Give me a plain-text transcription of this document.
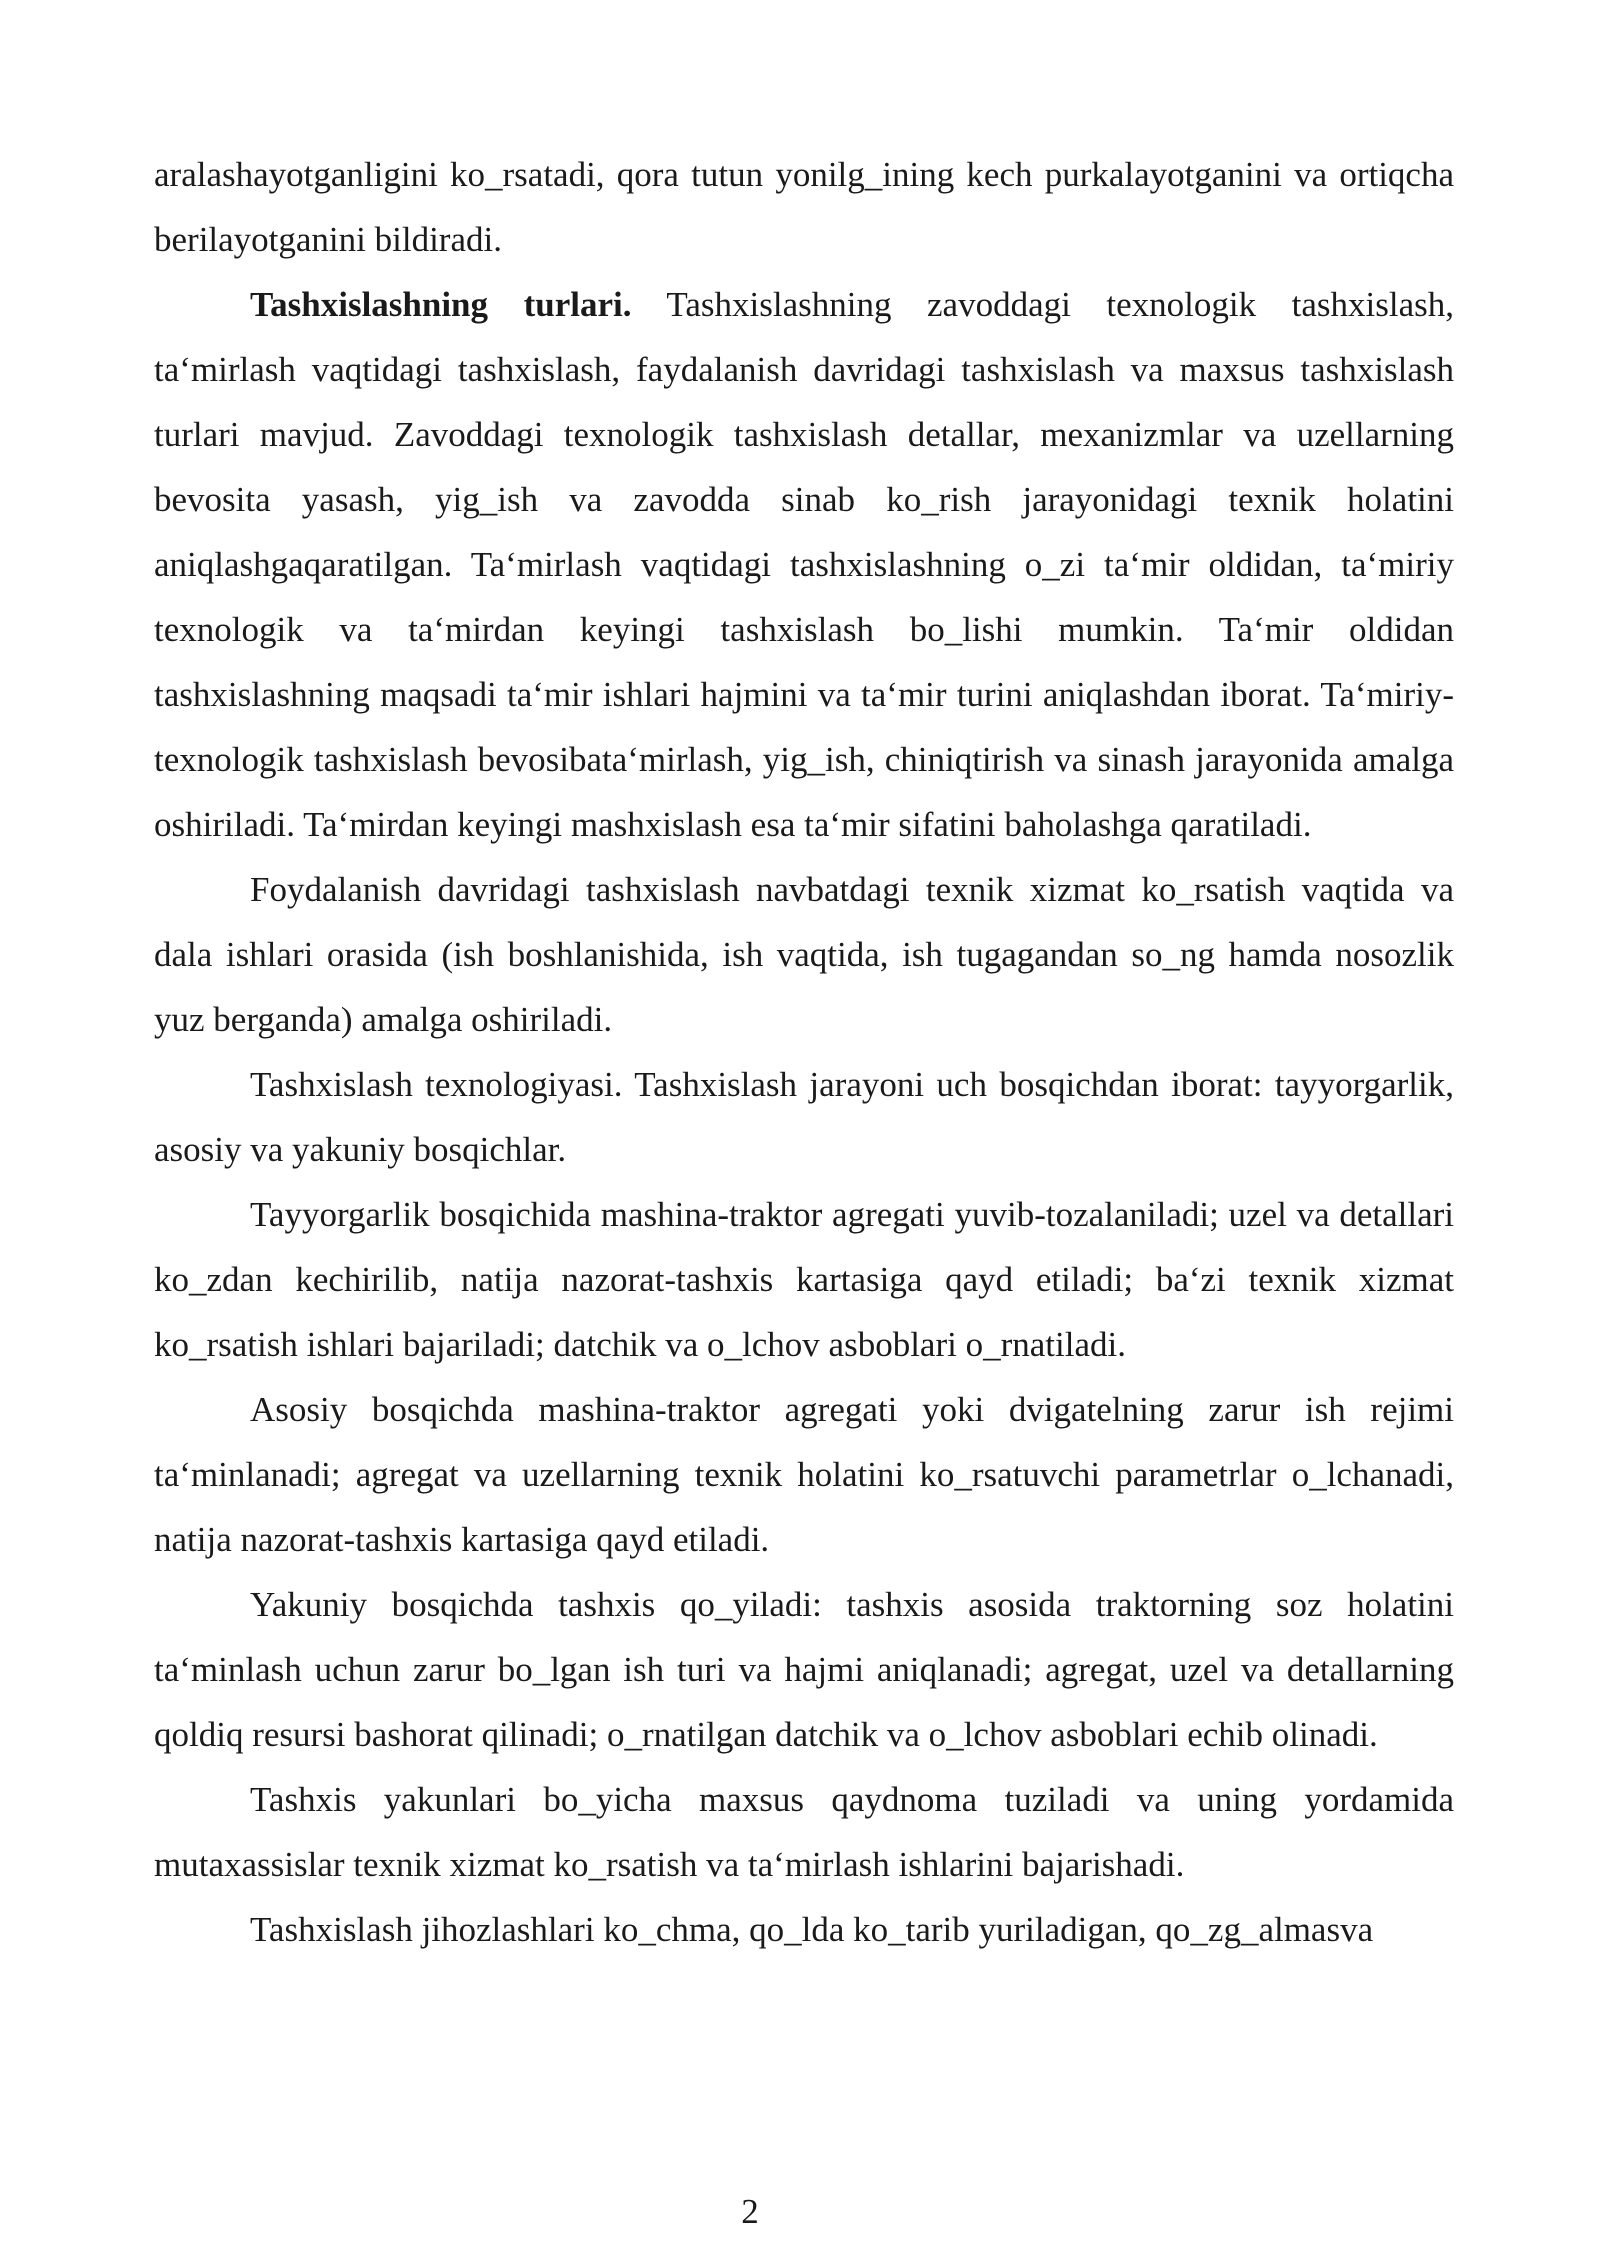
aralashayotganligini ko_rsatadi, qora tutun yonilg_ining kech purkalayotganini va ortiqcha berilayotganini bildiradi.

Tashxislashning turlari. Tashxislashning zavoddagi texnologik tashxislash, ta‘mirlash vaqtidagi tashxislash, faydalanish davridagi tashxislash va maxsus tashxislash turlari mavjud. Zavoddagi texnologik tashxislash detallar, mexanizmlar va uzellarning bevosita yasash, yig_ish va zavodda sinab ko_rish jarayonidagi texnik holatini aniqlashgaqaratilgan. Ta‘mirlash vaqtidagi tashxislashning o_zi ta‘mir oldidan, ta‘miriy texnologik va ta‘mirdan keyingi tashxislash bo_lishi mumkin. Ta‘mir oldidan tashxislashning maqsadi ta‘mir ishlari hajmini va ta‘mir turini aniqlashdan iborat. Ta‘miriy-texnologik tashxislash bevosibata‘mirlash, yig_ish, chiniqtirish va sinash jarayonida amalga oshiriladi. Ta‘mirdan keyingi mashxislash esa ta‘mir sifatini baholashga qaratiladi.

Foydalanish davridagi tashxislash navbatdagi texnik xizmat ko_rsatish vaqtida va dala ishlari orasida (ish boshlanishida, ish vaqtida, ish tugagandan so_ng hamda nosozlik yuz berganda) amalga oshiriladi.

Tashxislash texnologiyasi. Tashxislash jarayoni uch bosqichdan iborat: tayyorgarlik, asosiy va yakuniy bosqichlar.

Tayyorgarlik bosqichida mashina-traktor agregati yuvib-tozalaniladi; uzel va detallari ko_zdan kechirilib, natija nazorat-tashxis kartasiga qayd etiladi; ba‘zi texnik xizmat ko_rsatish ishlari bajariladi; datchik va o_lchov asboblari o_rnatiladi.

Asosiy bosqichda mashina-traktor agregati yoki dvigatelning zarur ish rejimi ta‘minlanadi; agregat va uzellarning texnik holatini ko_rsatuvchi parametrlar o_lchanadi, natija nazorat-tashxis kartasiga qayd etiladi.

Yakuniy bosqichda tashxis qo_yiladi: tashxis asosida traktorning soz holatini ta‘minlash uchun zarur bo_lgan ish turi va hajmi aniqlanadi; agregat, uzel va detallarning qoldiq resursi bashorat qilinadi; o_rnatilgan datchik va o_lchov asboblari echib olinadi.

Tashxis yakunlari bo_yicha maxsus qaydnoma tuziladi va uning yordamida mutaxassislar texnik xizmat ko_rsatish va ta‘mirlash ishlarini bajarishadi.

Tashxislash jihozlashlari ko_chma, qo_lda ko_tarib yuriladigan, qo_zg_almasva

2
